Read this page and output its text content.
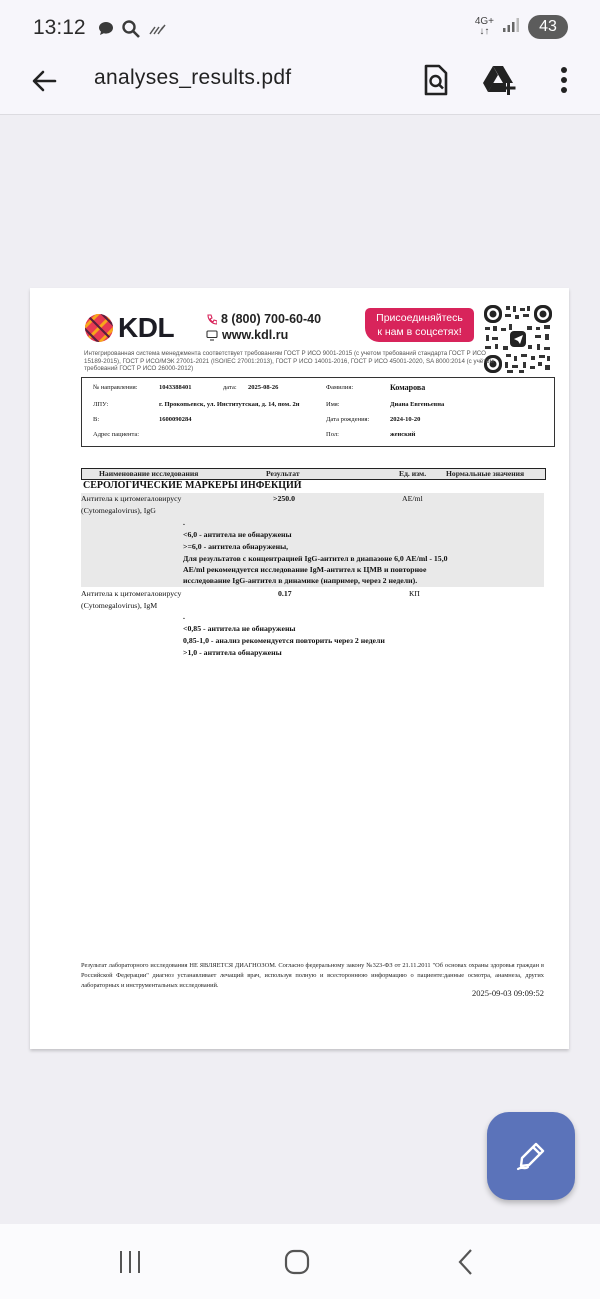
13:12	4G+
↓↑	43
analyses_results.pdf
KDL	8 (800) 700-60-40
www.kdl.ru
Присоединяйтесь
к нам в соцсетях!
Интегрированная система менеджмента соответствует требованиям ГОСТ Р ИСО 9001-2015 (с учетом требований стандарта ГОСТ Р ИСО 15189-2015), ГОСТ Р ИСО/МЭК 27001-2021 (ISO/IEC 27001:2013), ГОСТ Р ИСО 14001-2016, ГОСТ Р ИСО 45001-2020, SA 8000:2014 (с учётом требований ГОСТ Р ИСО 26000-2012)
№ направления:	1043388401	дата: 2025-08-26	Фамилия:	Комарова
ЛПУ:	г. Прокопьевск, ул. Институтская, д. 14, пом. 2н	Имя:	Диана Евгеньевна
В:	1600090284	Дата рождения:	2024-10-20
Адрес пациента:	Пол:	женский
Наименование исследования	Результат	Ед. изм.	Нормальные значения
СЕРОЛОГИЧЕСКИЕ МАРКЕРЫ ИНФЕКЦИЙ
Антитела к цитомегаловирусу
(Cytomegalovirus), IgG
>250.0	AE/ml
.
<6,0 - антитела не обнаружены
>=6,0 - антитела обнаружены,
Для результатов с концентрацией IgG-антител в диапазоне 6,0 AE/ml - 15,0
AE/ml рекомендуется исследование IgM-антител к ЦМВ и повторное
исследование IgG-антител в динамике (например, через 2 недели).
Антитела к цитомегаловирусу
(Cytomegalovirus), IgM
0.17	КП
.
<0,85 - антитела не обнаружены
0,85-1,0 - анализ рекомендуется повторить через 2 недели
>1,0 - антитела обнаружены
Результат лабораторного исследования НЕ ЯВЛЯЕТСЯ ДИАГНОЗОМ. Согласно федеральному закону №323-ФЗ от 21.11.2011 "Об основах охраны здоровья граждан в Российской Федерации" диагноз устанавливает лечащий врач, используя полную и всестороннюю информацию о пациенте:данные осмотра, анамнеза, других лабораторных и инструментальных исследований.
2025-09-03 09:09:52
